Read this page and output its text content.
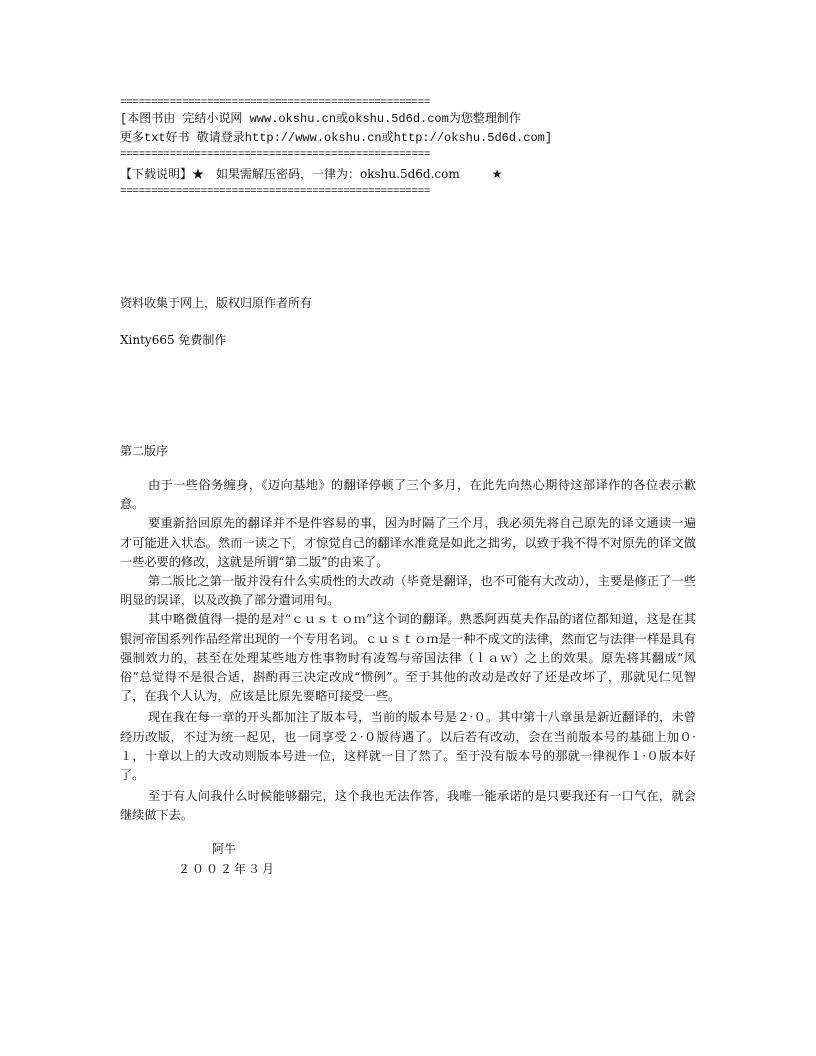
==================================================
[本图书由 完结小说网 www.okshu.cn或okshu.5d6d.com为您整理制作
更多txt好书 敬请登录http://www.okshu.cn或http://okshu.5d6d.com]
==================================================
【下载说明】★ 如果需解压密码，一律为：okshu.5d6d.com	★
==================================================
资料收集于网上，版权归原作者所有
Xinty665 免费制作
第二版序

由于一些俗务缠身，《迈向基地》的翻译停顿了三个多月，在此先向热心期待这部译作的各位表示歉意。

要重新拾回原先的翻译并不是件容易的事，因为时隔了三个月，我必须先将自己原先的译文通读一遍才可能进入状态。然而一读之下，才惊觉自己的翻译水准竟是如此之拙劣，以致于我不得不对原先的译文做一些必要的修改，这就是所谓“第二版”的由来了。

第二版比之第一版并没有什么实质性的大改动（毕竟是翻译，也不可能有大改动），主要是修正了一些明显的误译，以及改换了部分遣词用句。

其中略微值得一提的是对“ｃｕｓｔｏｍ”这个词的翻译。熟悉阿西莫夫作品的诸位都知道，这是在其银河帝国系列作品经常出现的一个专用名词。ｃｕｓｔｏｍ是一种不成文的法律，然而它与法律一样是具有强制效力的，甚至在处理某些地方性事物时有凌驾与帝国法律（ｌａｗ）之上的效果。原先将其翻成“风俗”总觉得不是很合适，斟酌再三决定改成“惯例”。至于其他的改动是改好了还是改坏了，那就见仁见智了，在我个人认为，应该是比原先要略可接受一些。

现在我在每一章的开头都加注了版本号，当前的版本号是２·０。其中第十八章虽是新近翻译的，未曾经历改版，不过为统一起见，也一同享受２·０版待遇了。以后若有改动，会在当前版本号的基础上加０·１，十章以上的大改动则版本号进一位，这样就一目了然了。至于没有版本号的那就一律视作１·０版本好了。

至于有人问我什么时候能够翻完，这个我也无法作答，我唯一能承诺的是只要我还有一口气在，就会继续做下去。

阿牛
２００２年３月
